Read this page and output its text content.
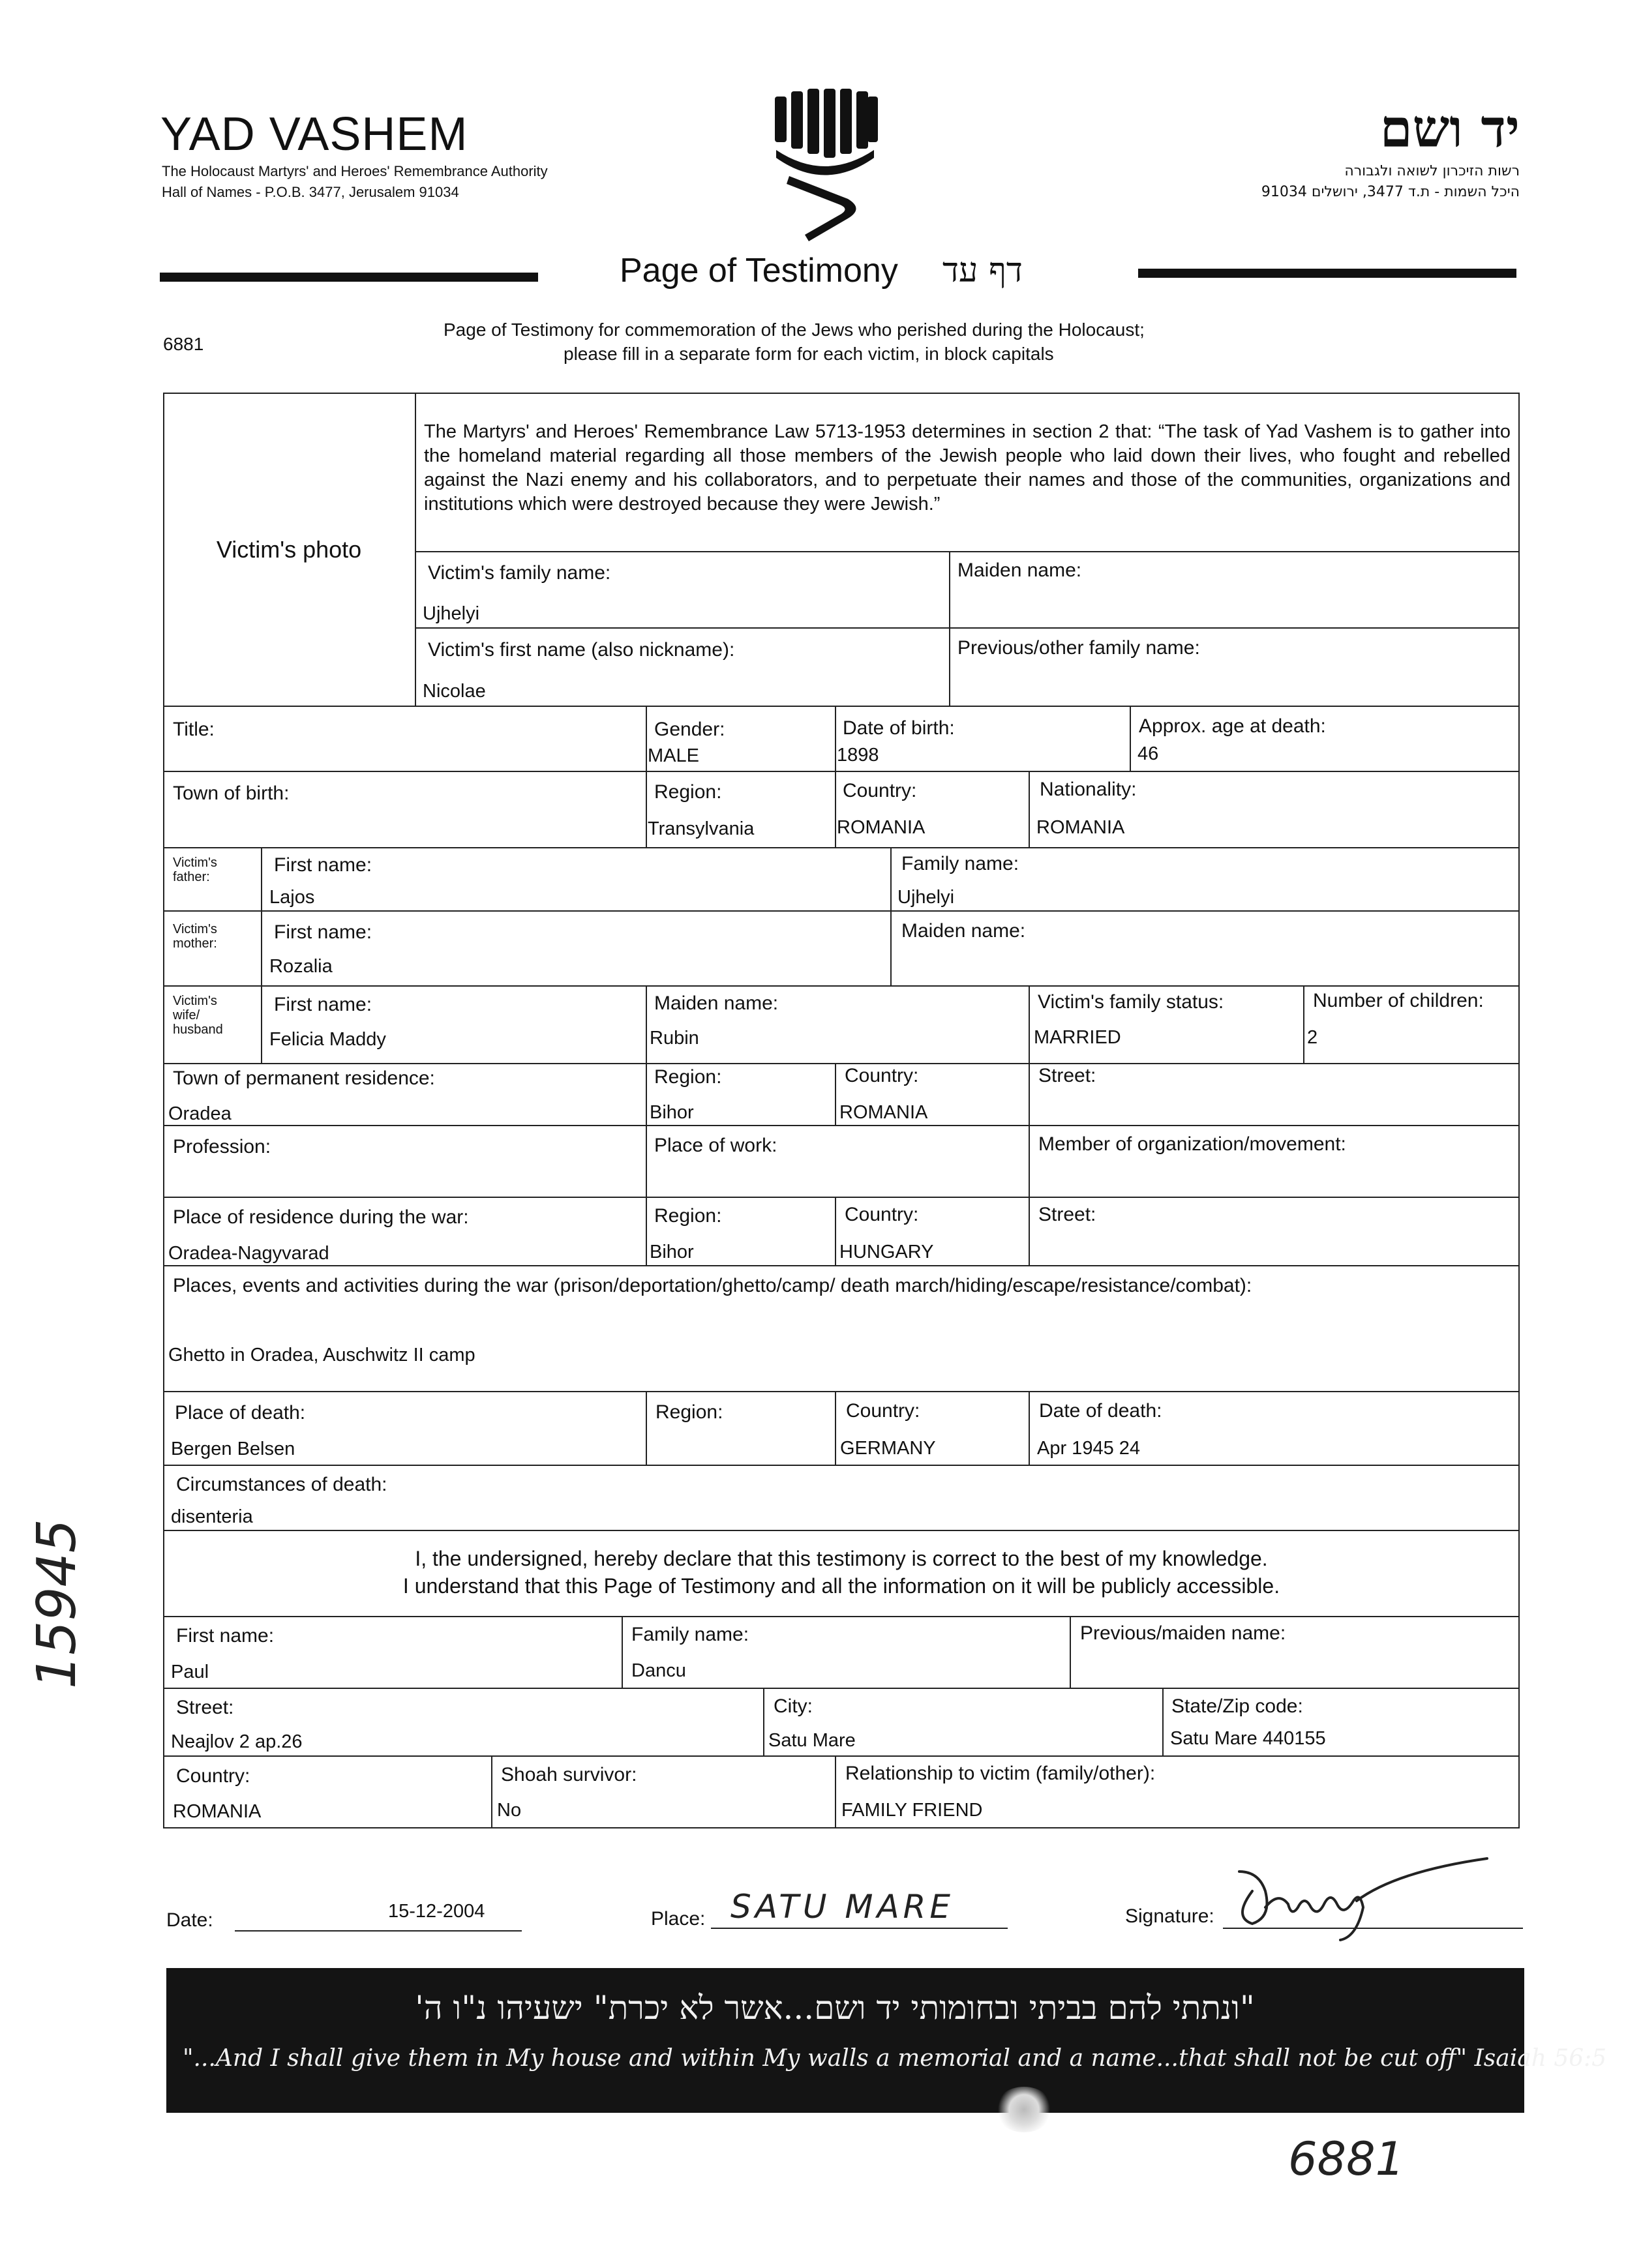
YAD VASHEM
The Holocaust Martyrs' and Heroes' Remembrance Authority
Hall of Names - P.O.B. 3477, Jerusalem 91034
יד ושם
רשות הזיכרון לשואה ולגבורה
היכל השמות - ת.ד 3477, ירושלים 91034
Page of Testimony דף עד
6881
Page of Testimony for commemoration of the Jews who perished during the Holocaust;
please fill in a separate form for each victim, in block capitals
Victim's photo
The Martyrs' and Heroes' Remembrance Law 5713-1953 determines in section 2 that: “The task of Yad Vashem is to gather into the homeland material regarding all those members of the Jewish people who laid down their lives, who fought and rebelled against the Nazi enemy and his collaborators, and to perpetuate their names and those of the communities, organizations and institutions which were destroyed because they were Jewish.”
Victim's family name:
Ujhelyi
Maiden name:
Victim's first name (also nickname):
Nicolae
Previous/other family name:
Title:	Gender:
MALE
Date of birth:
1898
Approx. age at death:
46
Town of birth:	Region:
Transylvania
Country:
ROMANIA
Nationality:
ROMANIA
Victim's father:
First name:
Lajos
Family name:
Ujhelyi
Victim's mother:
First name:
Rozalia
Maiden name:
Victim's wife/ husband
First name:
Felicia Maddy
Maiden name:
Rubin
Victim's family status:
MARRIED
Number of children:
2
Town of permanent residence:
Oradea
Region:
Bihor
Country:
ROMANIA
Street:
Profession:	Place of work:	Member of organization/movement:
Place of residence during the war:
Oradea-Nagyvarad
Region:
Bihor
Country:
HUNGARY
Street:
Places, events and activities during the war (prison/deportation/ghetto/camp/ death march/hiding/escape/resistance/combat):
Ghetto in Oradea, Auschwitz II camp
Place of death:
Bergen Belsen
Region:	Country:
GERMANY
Date of death:
Apr 1945 24
Circumstances of death:
disenteria
I, the undersigned, hereby declare that this testimony is correct to the best of my knowledge.
I understand that this Page of Testimony and all the information on it will be publicly accessible.
First name:
Paul
Family name:
Dancu
Previous/maiden name:
Street:
Neajlov 2 ap.26
City:
Satu Mare
State/Zip code:
Satu Mare 440155
Country:
ROMANIA
Shoah survivor:
No
Relationship to victim (family/other):
FAMILY FRIEND
Date:	15-12-2004	Place: SATU MARE	Signature:
"ונתתי להם בביתי ובחומותי יד ושם...אשר לא יכרת" ישעיהו נ"ו ה'
"...And I shall give them in My house and within My walls a memorial and a name...that shall not be cut off" Isaiah 56:5
15945
6881
